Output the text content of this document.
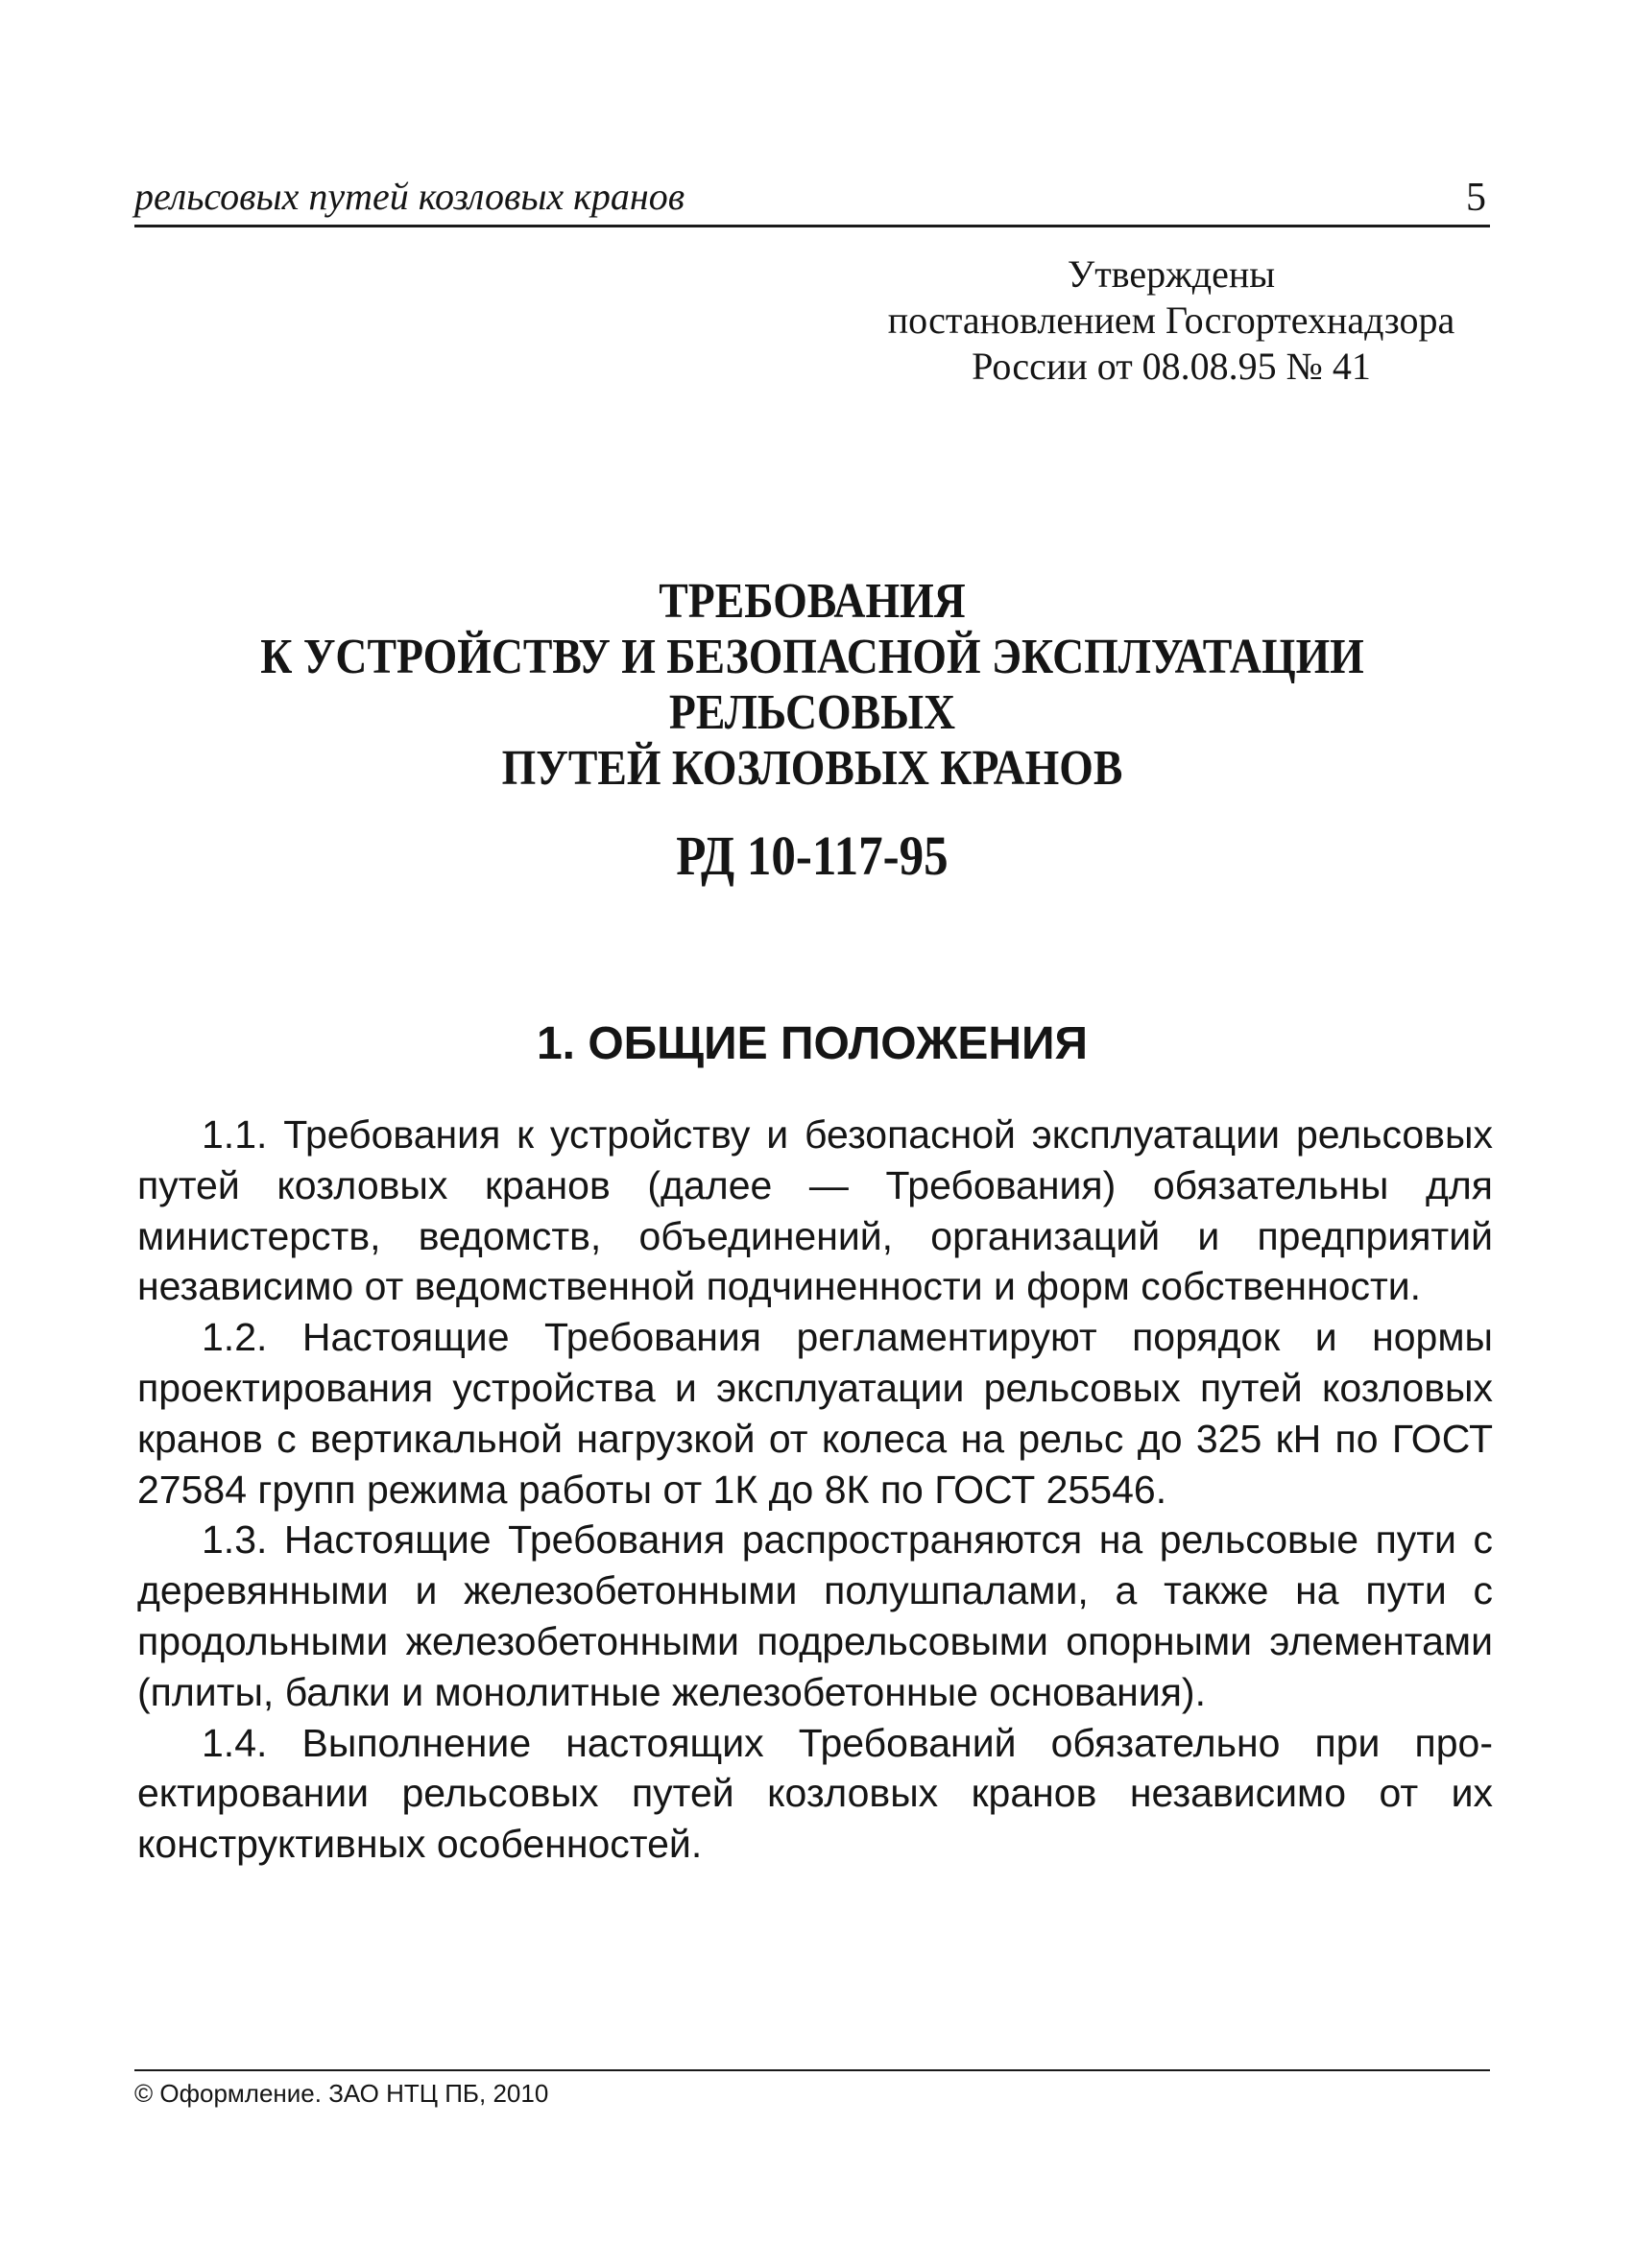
рельсовых путей козловых кранов	5
Утверждены
постановлением Госгортехнадзора
России от 08.08.95 № 41
ТРЕБОВАНИЯ
К УСТРОЙСТВУ И БЕЗОПАСНОЙ ЭКСПЛУАТАЦИИ РЕЛЬСОВЫХ
ПУТЕЙ КОЗЛОВЫХ КРАНОВ
РД 10-117-95
1. ОБЩИЕ ПОЛОЖЕНИЯ

1.1. Требования к устройству и безопасной эксплуатации рельсовых путей козловых кранов (далее — Требования) обязательны для министерств, ведомств, объединений, организаций и предприятий независимо от ведомственной подчиненности и форм собственности.

1.2. Настоящие Требования регламентируют порядок и нормы проектирования устройства и эксплуатации рельсовых путей козловых кранов с вертикальной нагрузкой от колеса на рельс до 325 кН по ГОСТ 27584 групп режима работы от 1К до 8К по ГОСТ 25546.

1.3. Настоящие Требования распространяются на рельсовые пути с деревянными и железобетонными полушпалами, а также на пути с продольными железобетонными подрельсовыми опорными элементами (плиты, балки и монолитные железобетонные основания).

1.4. Выполнение настоящих Требований обязательно при проектировании рельсовых путей козловых кранов независимо от их конструктивных особенностей.

© Оформление. ЗАО НТЦ ПБ, 2010
